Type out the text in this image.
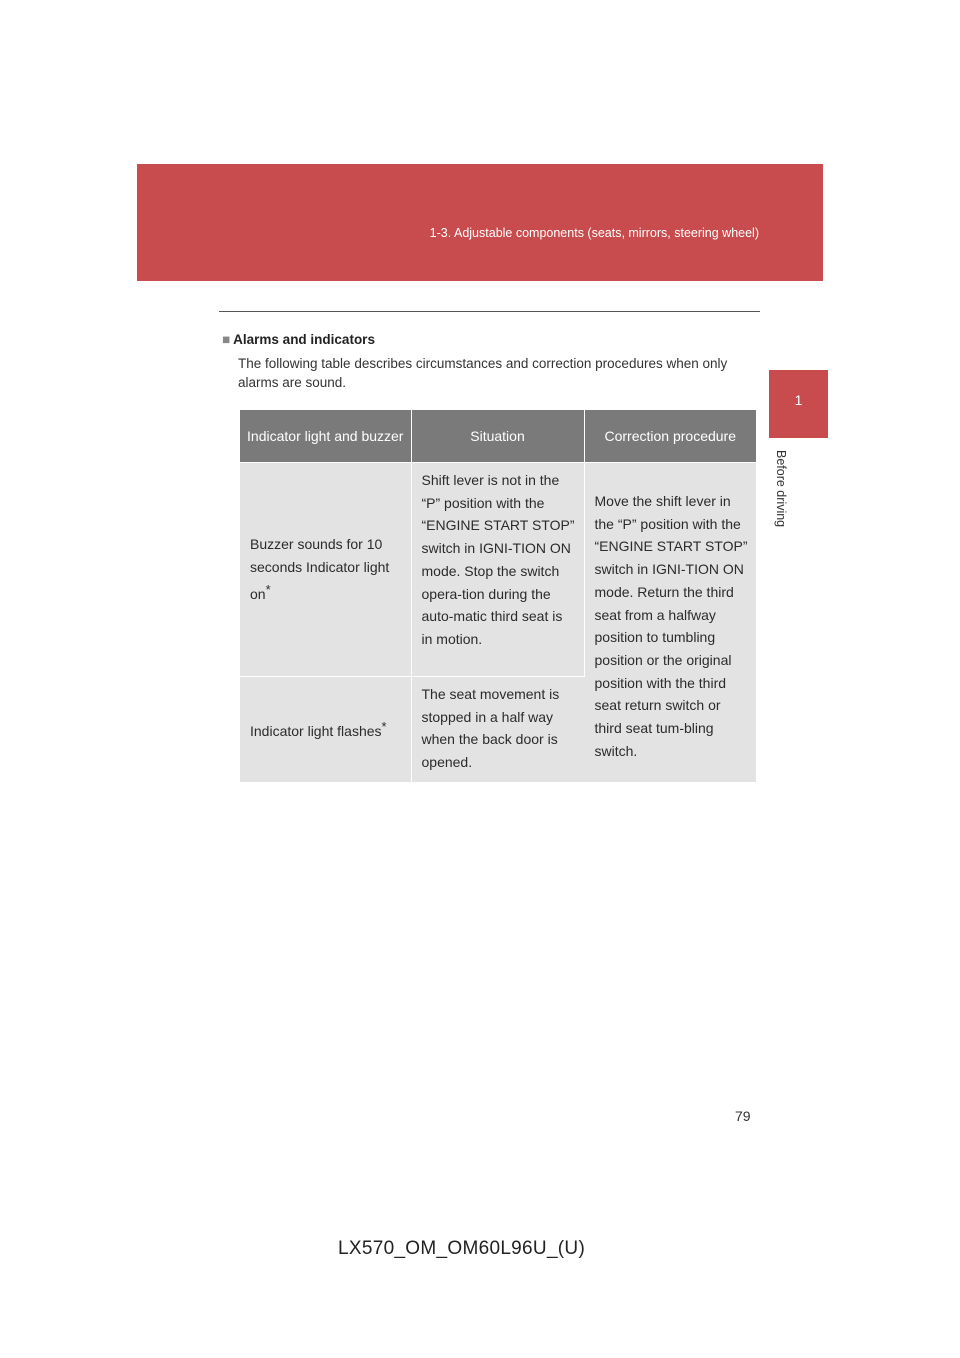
1-3. Adjustable components (seats, mirrors, steering wheel)
1
Before driving

■ Alarms and indicators

The following table describes circumstances and correction procedures when only alarms are sound.

Indicator light and buzzer	Situation	Correction procedure
Buzzer sounds for 10 seconds Indicator light on*	Shift lever is not in the “P” position with the “ENGINE START STOP” switch in IGNI-TION ON mode. Stop the switch opera-tion during the auto-matic third seat is in motion.	Move the shift lever in the “P” position with the “ENGINE START STOP” switch in IGNI-TION ON mode. Return the third seat from a halfway position to tumbling position or the original position with the third seat return switch or third seat tum-bling switch.
Indicator light flashes*	The seat movement is stopped in a half way when the back door is opened.	
79
LX570_OM_OM60L96U_(U)
